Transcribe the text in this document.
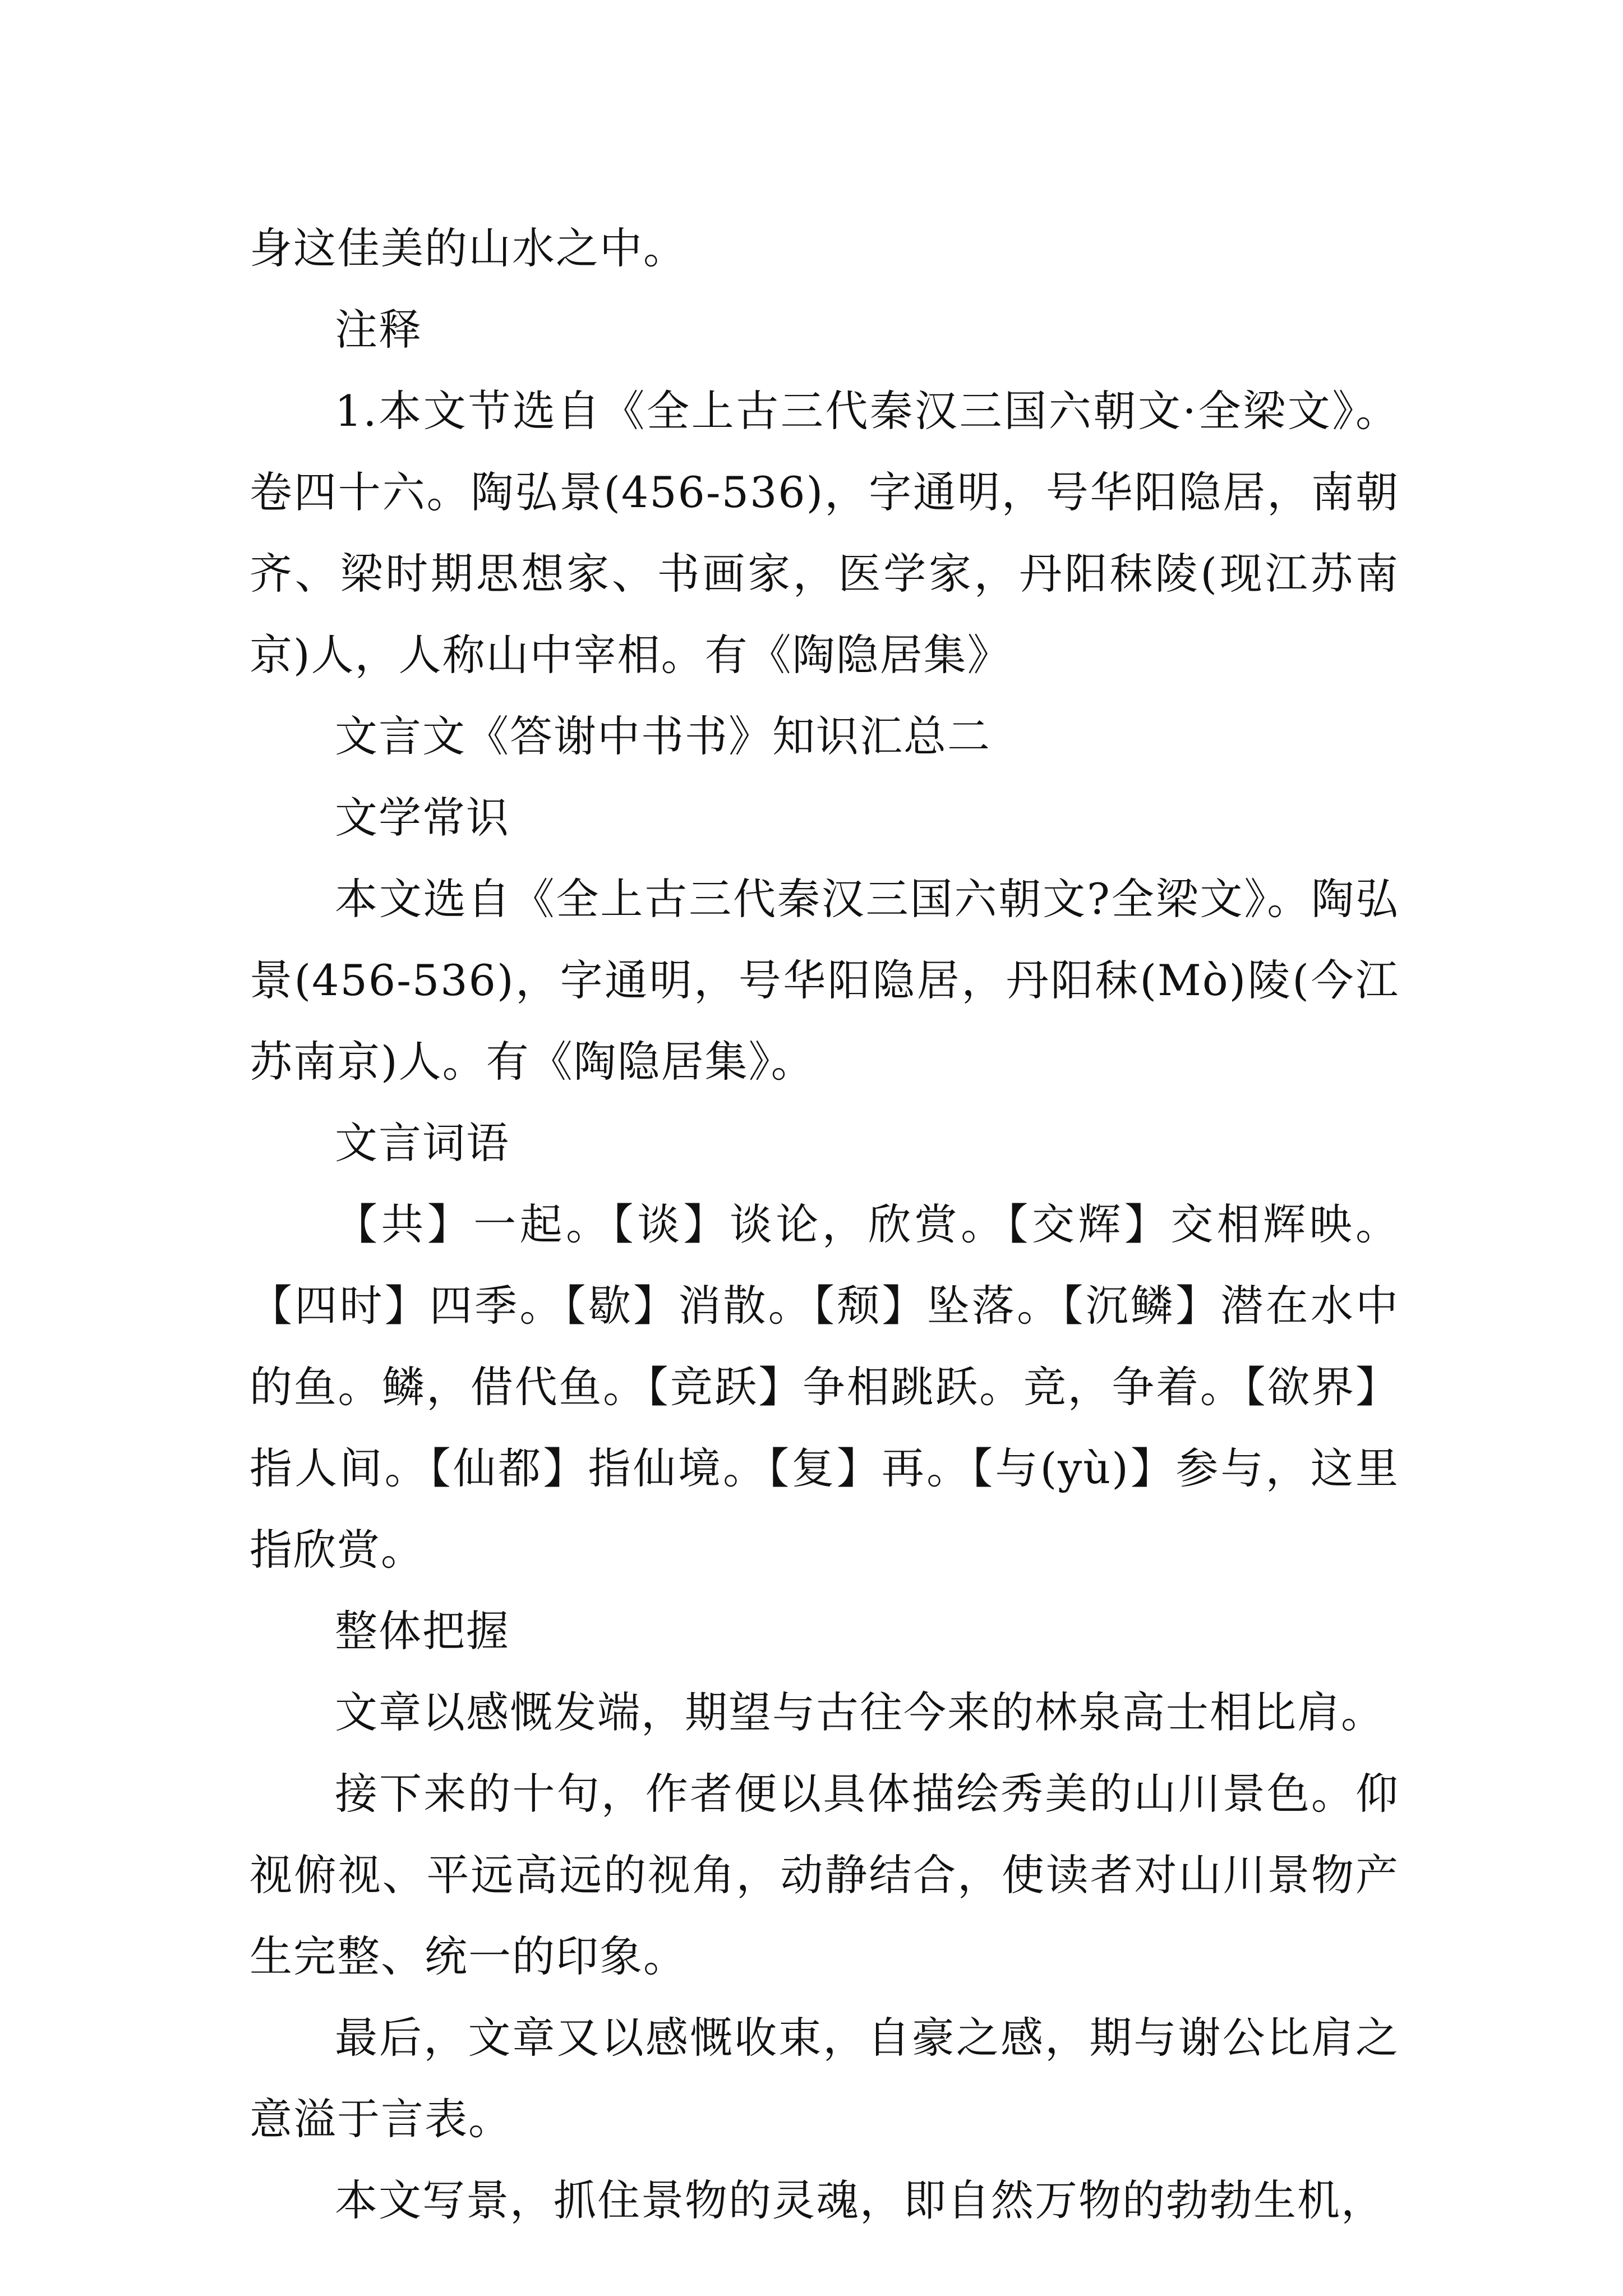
身这佳美的山水之中。

注释

1.本文节选自《全上古三代秦汉三国六朝文·全梁文》。卷四十六。陶弘景(456-536)，字通明，号华阳隐居，南朝齐、梁时期思想家、书画家，医学家，丹阳秣陵(现江苏南京)人，人称山中宰相。有《陶隐居集》

文言文《答谢中书书》知识汇总二

文学常识

本文选自《全上古三代秦汉三国六朝文?全梁文》。陶弘景(456-536)，字通明，号华阳隐居，丹阳秣(Mò)陵(今江苏南京)人。有《陶隐居集》。

文言词语

【共】一起。【谈】谈论，欣赏。【交辉】交相辉映。【四时】四季。【歇】消散。【颓】坠落。【沉鳞】潜在水中的鱼。鳞，借代鱼。【竞跃】争相跳跃。竞，争着。【欲界】指人间。【仙都】指仙境。【复】再。【与(yù)】参与，这里指欣赏。

整体把握

文章以感慨发端，期望与古往今来的林泉高士相比肩。

接下来的十句，作者便以具体描绘秀美的山川景色。仰视俯视、平远高远的视角，动静结合，使读者对山川景物产生完整、统一的印象。

最后，文章又以感慨收束，自豪之感，期与谢公比肩之意溢于言表。

本文写景，抓住景物的灵魂，即自然万物的勃勃生机，
